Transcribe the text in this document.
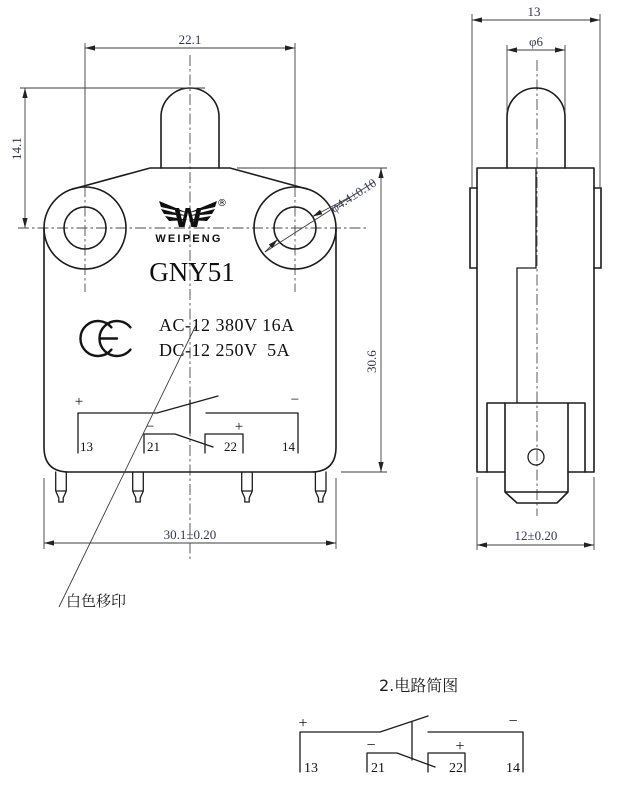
22.1
14.1
30.6
30.1±0.20
φ4.4±0.10
W
®
WEIPENG
GNY51
AC-12 380V 16A
DC-12 250V  5A
+	−
−	+
13	21	22	14
13
φ6
12±0.20
白色移印
2.电路简图
+	−
−	+
13	21	22	14
